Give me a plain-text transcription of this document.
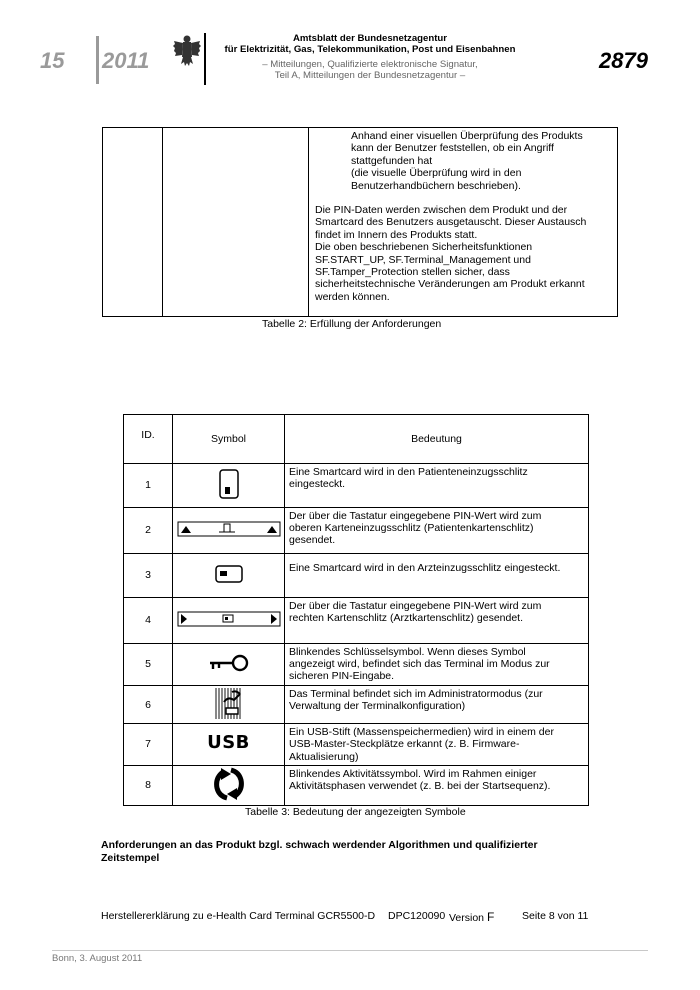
15 2011
Amtsblatt der Bundesnetzagentur
für Elektrizität, Gas, Telekommunikation, Post und Eisenbahnen
– Mitteilungen, Qualifizierte elektronische Signatur,
Teil A, Mitteilungen der Bundesnetzagentur –
2879

Anhand einer visuellen Überprüfung des Produkts
kann der Benutzer feststellen, ob ein Angriff
stattgefunden hat
(die visuelle Überprüfung wird in den
Benutzerhandbüchern beschrieben).
Die PIN-Daten werden zwischen dem Produkt und der
Smartcard des Benutzers ausgetauscht. Dieser Austausch
findet im Innern des Produkts statt.
Die oben beschriebenen Sicherheitsfunktionen
SF.START_UP, SF.Terminal_Management und
SF.Tamper_Protection stellen sicher, dass
sicherheitstechnische Veränderungen am Produkt erkannt
werden können.
Tabelle 2: Erfüllung der Anforderungen
ID.	Symbol	Bedeutung
1		Eine Smartcard wird in den Patienteneinzugsschlitz
eingesteckt.

2		Der über die Tastatur eingegebene PIN-Wert wird zum
oberen Karteneinzugsschlitz (Patientenkartenschlitz)
gesendet.

3		Eine Smartcard wird in den Arzteinzugsschlitz eingesteckt.

4		Der über die Tastatur eingegebene PIN-Wert wird zum
rechten Kartenschlitz (Arztkartenschlitz) gesendet.

5		Blinkendes Schlüsselsymbol. Wenn dieses Symbol
angezeigt wird, befindet sich das Terminal im Modus zur
sicheren PIN-Eingabe.

6		Das Terminal befindet sich im Administratormodus (zur
Verwaltung der Terminalkonfiguration)

7	USB	Ein USB-Stift (Massenspeichermedien) wird in einem der
USB-Master-Steckplätze erkannt (z. B. Firmware-
Aktualisierung)

8		Blinkendes Aktivitätssymbol. Wird im Rahmen einiger
Aktivitätsphasen verwendet (z. B. bei der Startsequenz).
Tabelle 3: Bedeutung der angezeigten Symbole
Anforderungen an das Produkt bzgl. schwach werdender Algorithmen und qualifizierter
Zeitstempel
Herstellererklärung zu e-Health Card Terminal GCR5500-D DPC120090 Version F	Seite 8 von 11
Bonn, 3. August 2011
